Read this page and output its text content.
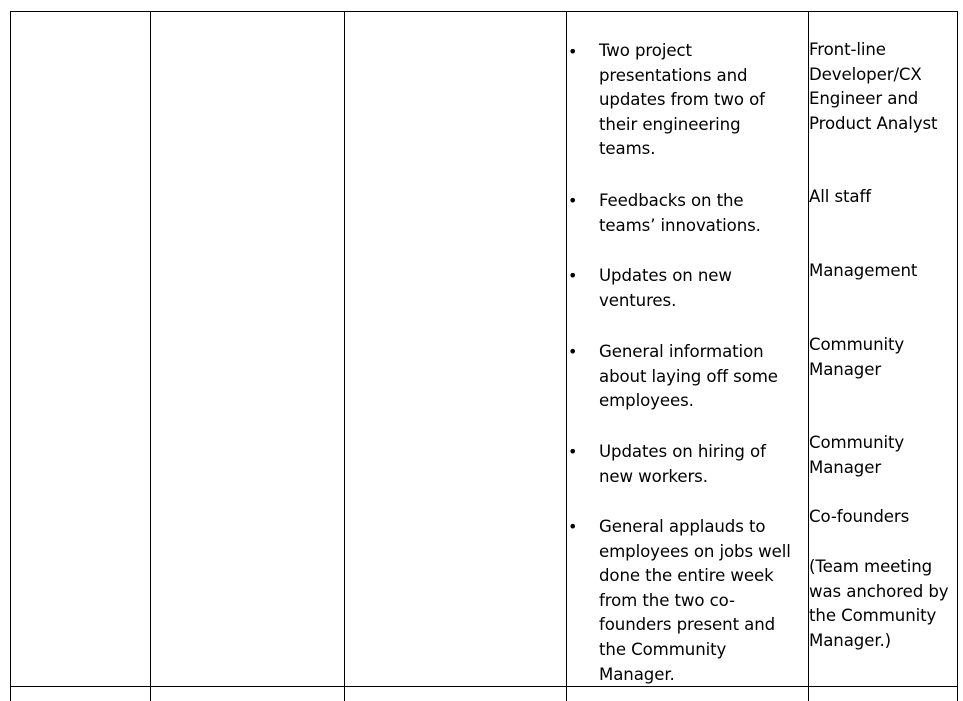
• Two project presentations and updates from two of their engineering teams.
• Feedbacks on the teams’ innovations.
• Updates on new ventures.
• General information about laying off some employees.
• Updates on hiring of new workers.
• General applauds to employees on jobs well done the entire week from the two co-founders present and the Community Manager.
Front-line Developer/CX Engineer and Product Analyst
All staff
Management
Community Manager
Community Manager
Co-founders
(Team meeting was anchored by the Community Manager.)
